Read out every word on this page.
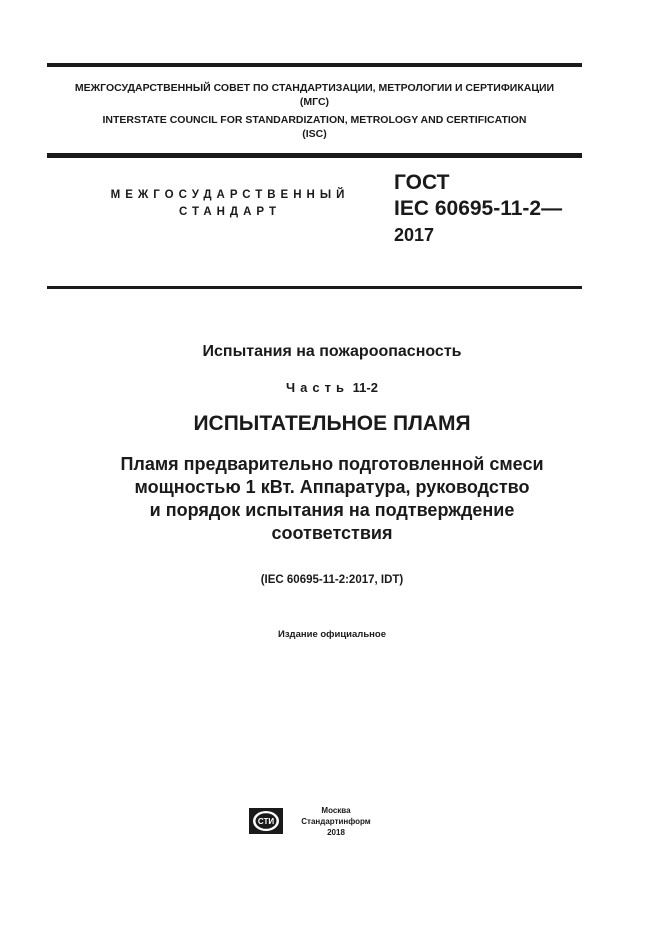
МЕЖГОСУДАРСТВЕННЫЙ СОВЕТ ПО СТАНДАРТИЗАЦИИ, МЕТРОЛОГИИ И СЕРТИФИКАЦИИ
(МГС)
INTERSTATE COUNCIL FOR STANDARDIZATION, METROLOGY AND CERTIFICATION
(ISC)
МЕЖГОСУДАРСТВЕННЫЙ
СТАНДАРТ
ГОСТ
IEC 60695-11-2—
2017
Испытания на пожароопасность
Часть 11-2
ИСПЫТАТЕЛЬНОЕ ПЛАМЯ
Пламя предварительно подготовленной смеси
мощностью 1 кВт. Аппаратура, руководство
и порядок испытания на подтверждение
соответствия
(IEC 60695-11-2:2017, IDT)
Издание официальное
СТИ
Москва
Стандартинформ
2018
